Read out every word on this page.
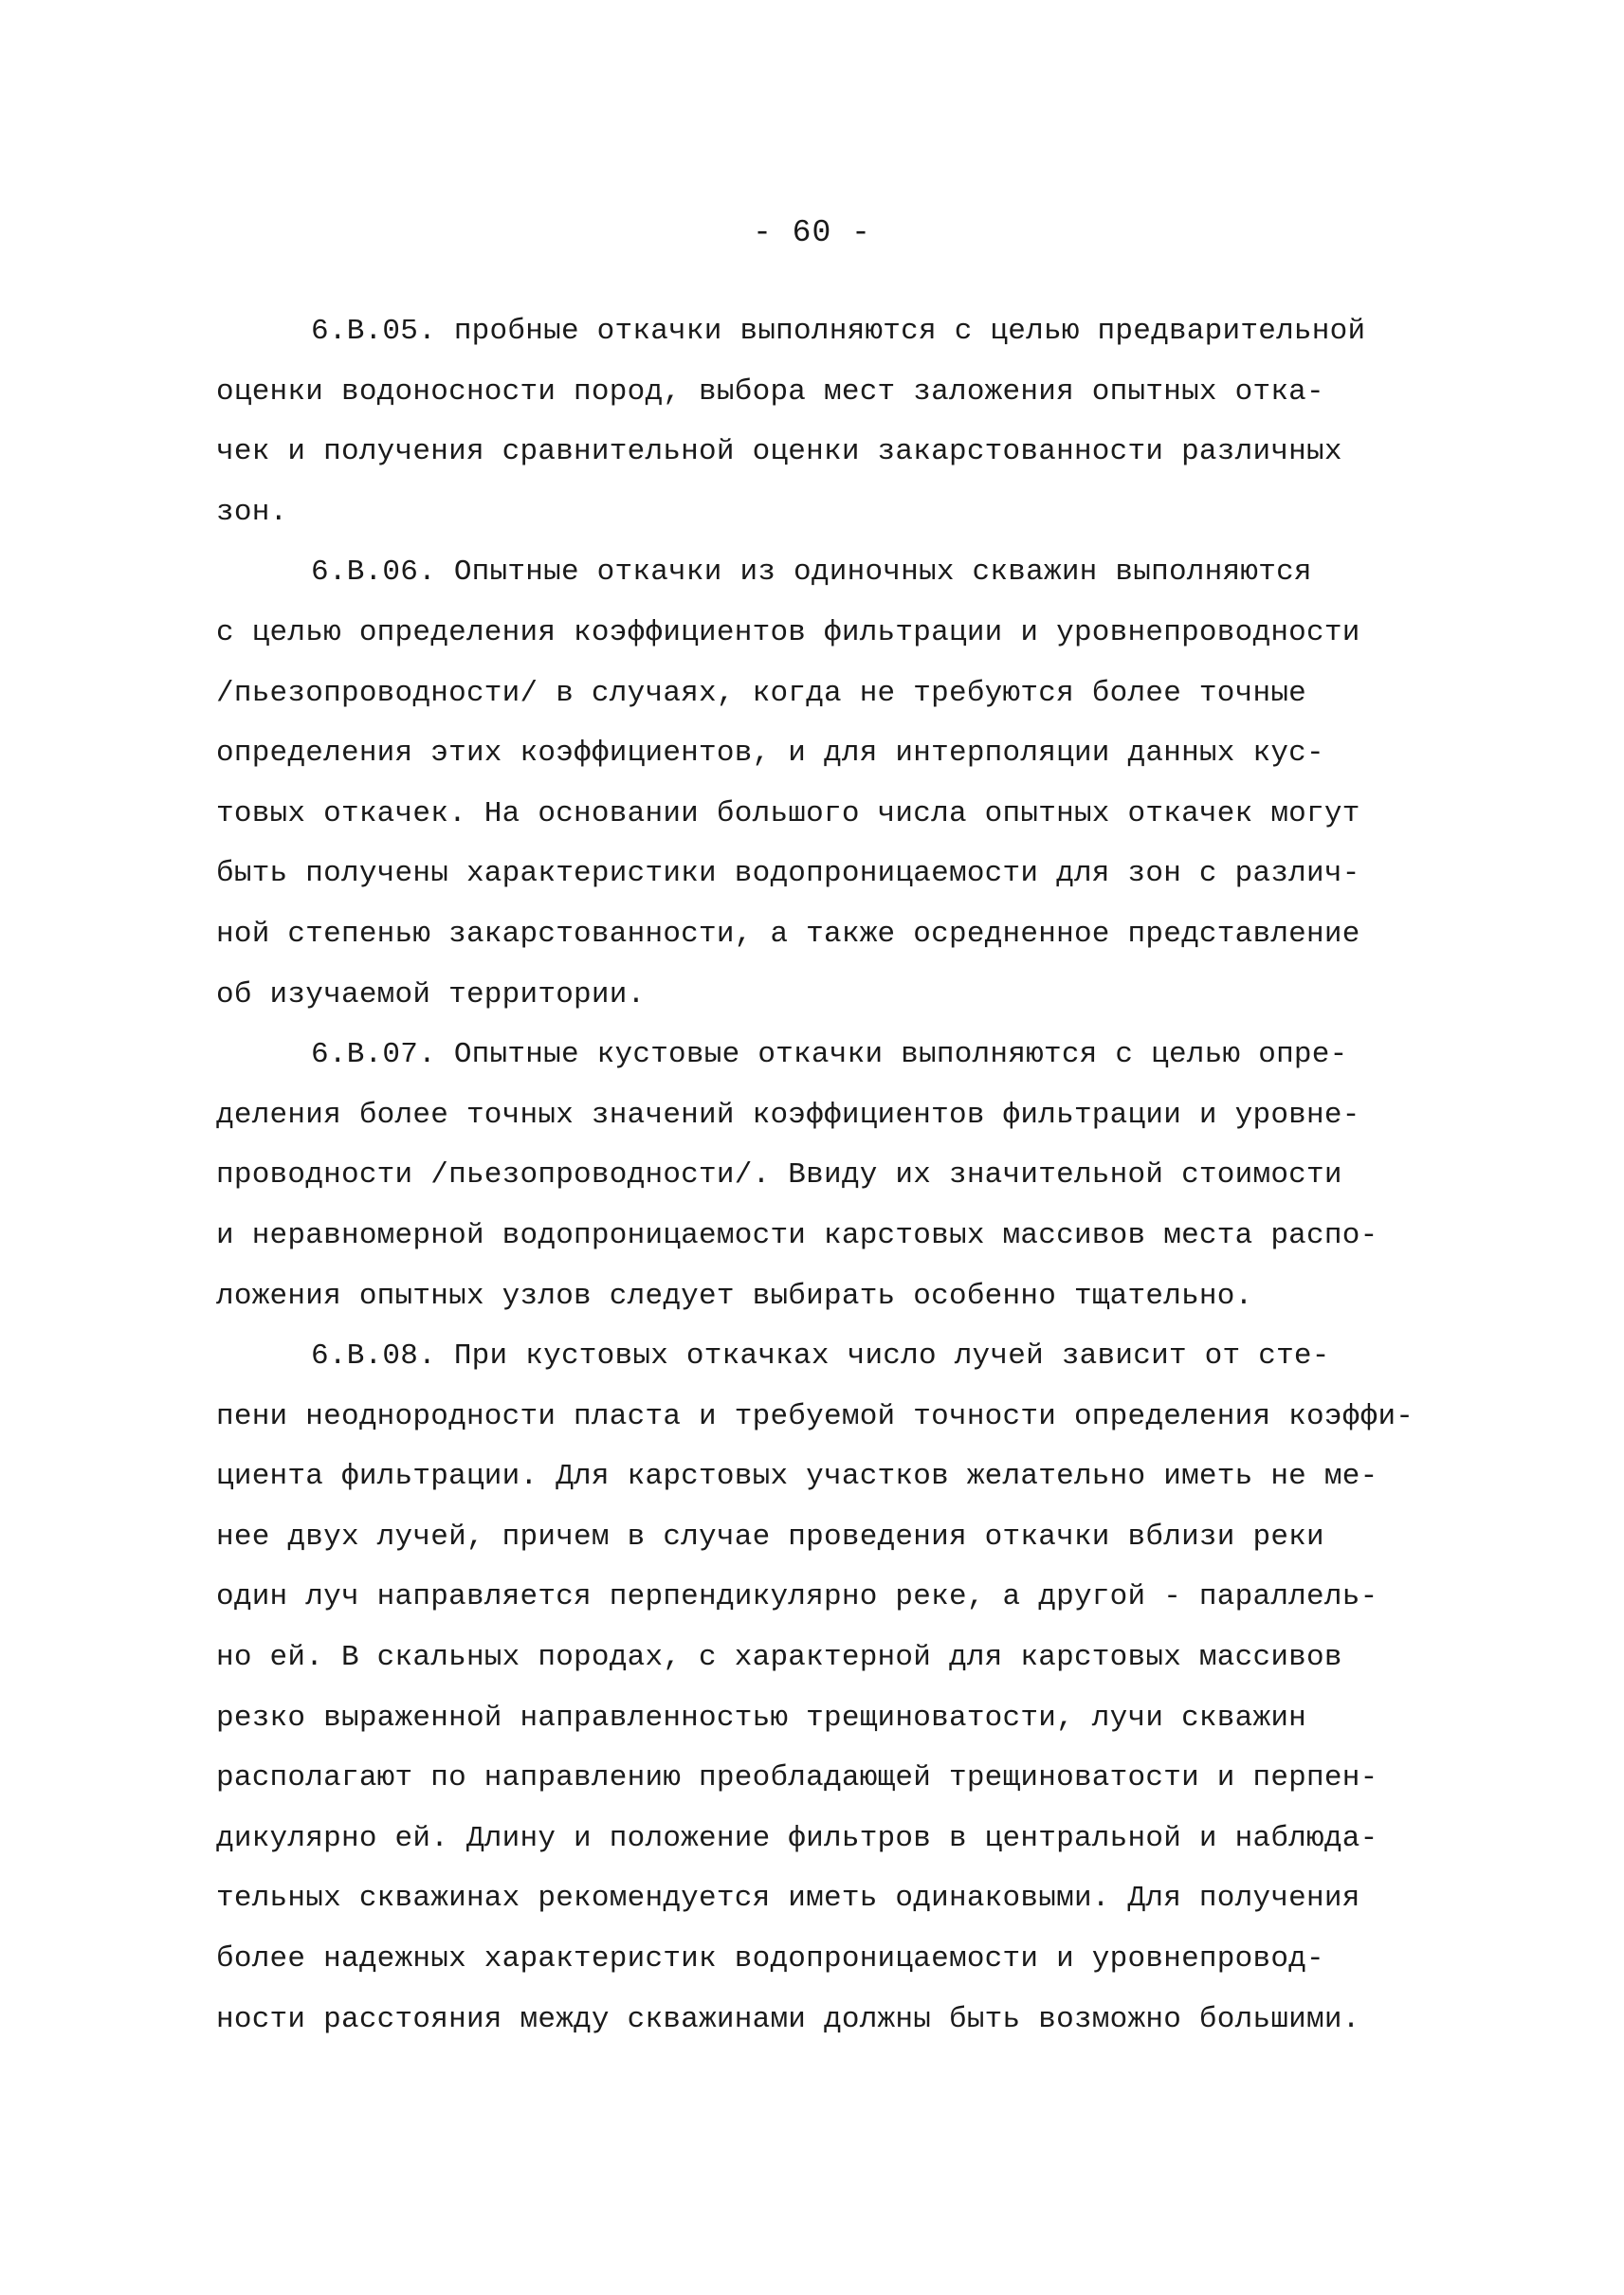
- 60 -
6.В.05. пробные откачки выполняются с целью предварительной
оценки водоносности пород, выбора мест заложения опытных отка-
чек и получения сравнительной оценки закарстованности различных
зон.
6.В.06. Опытные откачки из одиночных скважин выполняются
с целью определения коэффициентов фильтрации и уровнепроводности
/пьезопроводности/ в случаях, когда не требуются более точные
определения этих коэффициентов, и для интерполяции данных кус-
товых откачек. На основании большого числа опытных откачек могут
быть получены характеристики водопроницаемости для зон с различ-
ной степенью закарстованности, а также осредненное представление
об изучаемой территории.
6.В.07. Опытные кустовые откачки выполняются с целью опре-
деления более точных значений коэффициентов фильтрации и уровне-
проводности /пьезопроводности/. Ввиду их значительной стоимости
и неравномерной водопроницаемости карстовых массивов места распо-
ложения опытных узлов следует выбирать особенно тщательно.
6.В.08. При кустовых откачках число лучей зависит от сте-
пени неоднородности пласта и требуемой точности определения коэффи-
циента фильтрации. Для карстовых участков желательно иметь не ме-
нее двух лучей, причем в случае проведения откачки вблизи реки
один луч направляется перпендикулярно реке, а другой - параллель-
но ей. В скальных породах, с характерной для карстовых массивов
резко выраженной направленностью трещиноватости, лучи скважин
располагают по направлению преобладающей трещиноватости и перпен-
дикулярно ей. Длину и положение фильтров в центральной и наблюда-
тельных скважинах рекомендуется иметь одинаковыми. Для получения
более надежных характеристик водопроницаемости и уровнепровод-
ности расстояния между скважинами должны быть возможно большими.
